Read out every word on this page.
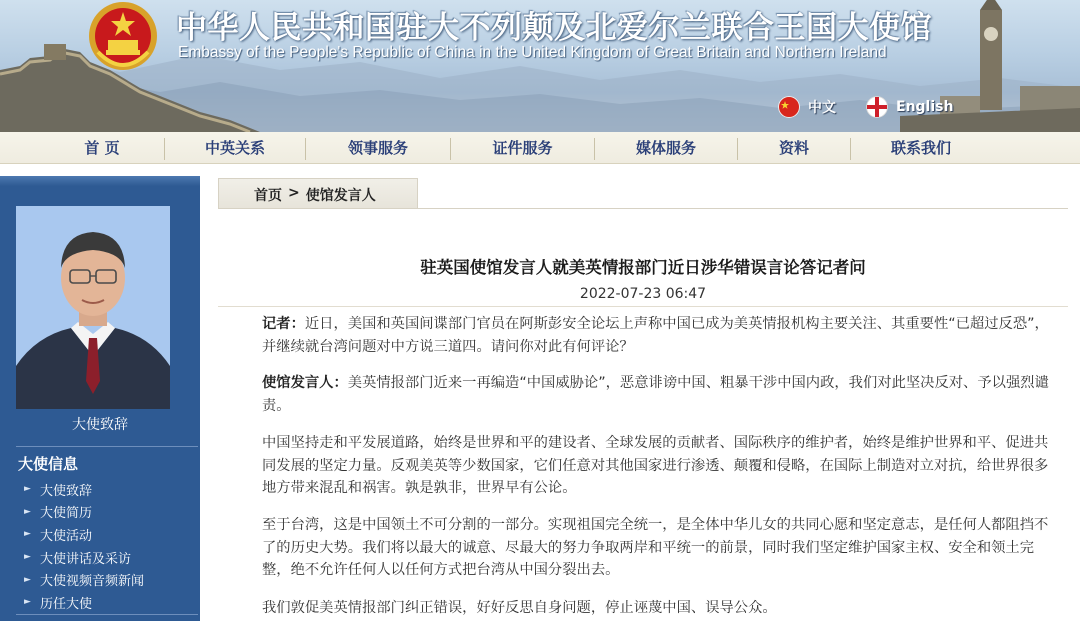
中华人民共和国驻大不列颠及北爱尔兰联合王国大使馆
Embassy of the People's Republic of China in the United Kingdom of Great Britain and Northern Ireland
中文	English
首 页	中英关系	领事服务	证件服务	媒体服务	资料	联系我们
大使致辞
大使信息
► 大使致辞
► 大使简历
► 大使活动
► 大使讲话及采访
► 大使视频音频新闻
► 历任大使
首页 > 使馆发言人
驻英国使馆发言人就美英情报部门近日涉华错误言论答记者问
2022-07-23 06:47
记者：近日，美国和英国间谍部门官员在阿斯彭安全论坛上声称中国已成为美英情报机构主要关注、其重要性“已超过反恐”，并继续就台湾问题对中方说三道四。请问你对此有何评论？
使馆发言人：美英情报部门近来一再编造“中国威胁论”，恶意诽谤中国、粗暴干涉中国内政，我们对此坚决反对、予以强烈谴责。
中国坚持走和平发展道路，始终是世界和平的建设者、全球发展的贡献者、国际秩序的维护者，始终是维护世界和平、促进共同发展的坚定力量。反观美英等少数国家，它们任意对其他国家进行渗透、颠覆和侵略，在国际上制造对立对抗，给世界很多地方带来混乱和祸害。孰是孰非，世界早有公论。
至于台湾，这是中国领土不可分割的一部分。实现祖国完全统一，是全体中华儿女的共同心愿和坚定意志，是任何人都阻挡不了的历史大势。我们将以最大的诚意、尽最大的努力争取两岸和平统一的前景，同时我们坚定维护国家主权、安全和领土完整，绝不允许任何人以任何方式把台湾从中国分裂出去。
我们敦促美英情报部门纠正错误，好好反思自身问题，停止诬蔑中国、误导公众。
